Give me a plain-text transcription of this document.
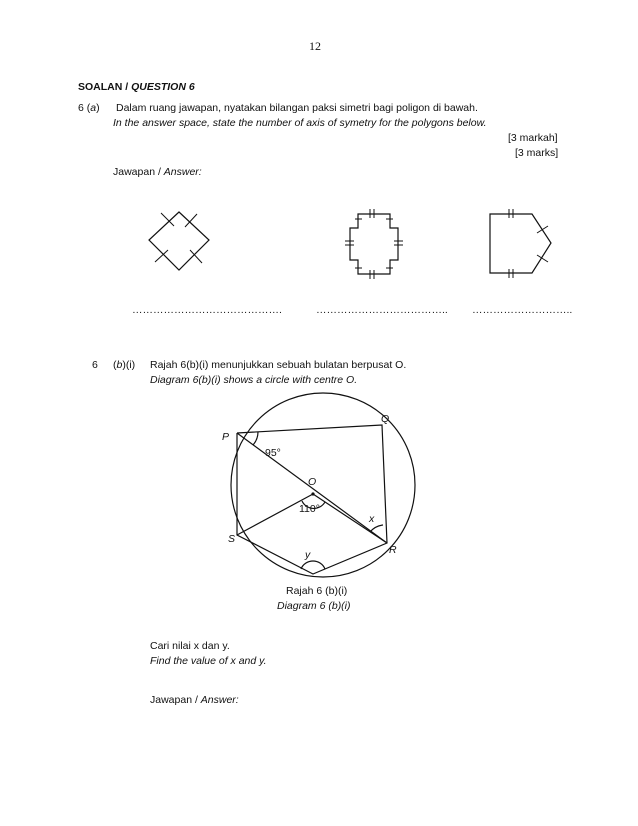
12
SOALAN / QUESTION 6
6 (a) Dalam ruang jawapan, nyatakan bilangan paksi simetri bagi poligon di bawah.
In the answer space, state the number of axis of symetry for the polygons below.
[3 markah]
[3 marks]
Jawapan / Answer:
…………………………………….	……………………………….. ………………………..
6 (b)(i) Rajah 6(b)(i) menunjukkan sebuah bulatan berpusat O.
Diagram 6(b)(i) shows a circle with centre O.
P
Q
O
S
R
95°
110°
x
y
Rajah 6 (b)(i)
Diagram 6 (b)(i)
Cari nilai x dan y.
Find the value of x and y.
Jawapan / Answer:
